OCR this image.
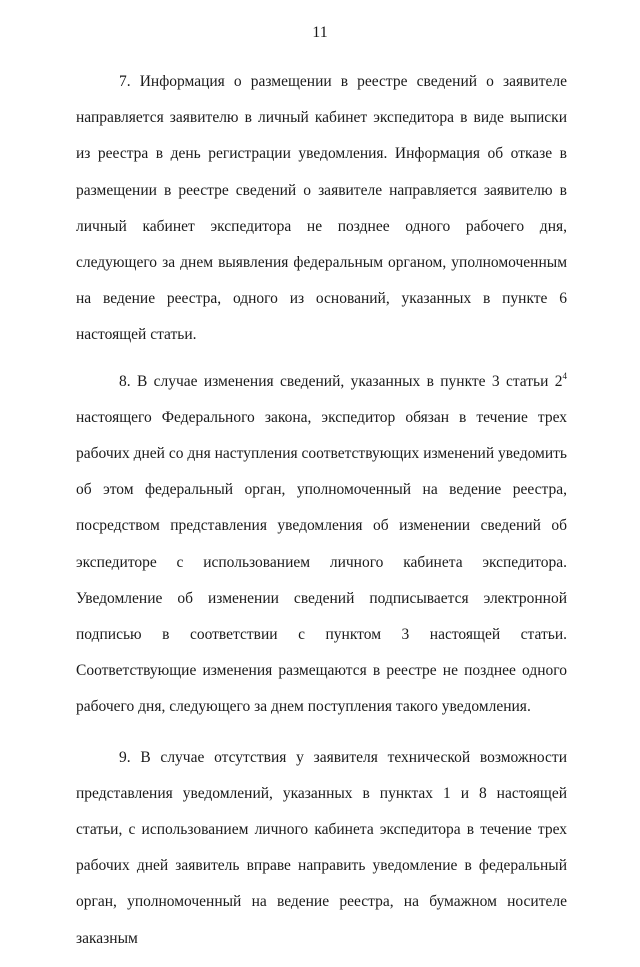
11

7. Информация о размещении в реестре сведений о заявителе направляется заявителю в личный кабинет экспедитора в виде выписки из реестра в день регистрации уведомления. Информация об отказе в размещении в реестре сведений о заявителе направляется заявителю в личный кабинет экспедитора не позднее одного рабочего дня, следующего за днем выявления федеральным органом, уполномоченным на ведение реестра, одного из оснований, указанных в пункте 6 настоящей статьи.

8. В случае изменения сведений, указанных в пункте 3 статьи $2^4$ настоящего Федерального закона, экспедитор обязан в течение трех рабочих дней со дня наступления соответствующих изменений уведомить об этом федеральный орган, уполномоченный на ведение реестра, посредством представления уведомления об изменении сведений об экспедиторе с использованием личного кабинета экспедитора. Уведомление об изменении сведений подписывается электронной подписью в соответствии с пунктом 3 настоящей статьи. Соответствующие изменения размещаются в реестре не позднее одного рабочего дня, следующего за днем поступления такого уведомления.

9. В случае отсутствия у заявителя технической возможности представления уведомлений, указанных в пунктах 1 и 8 настоящей статьи, с использованием личного кабинета экспедитора в течение трех рабочих дней заявитель вправе направить уведомление в федеральный орган, уполномоченный на ведение реестра, на бумажном носителе заказным
